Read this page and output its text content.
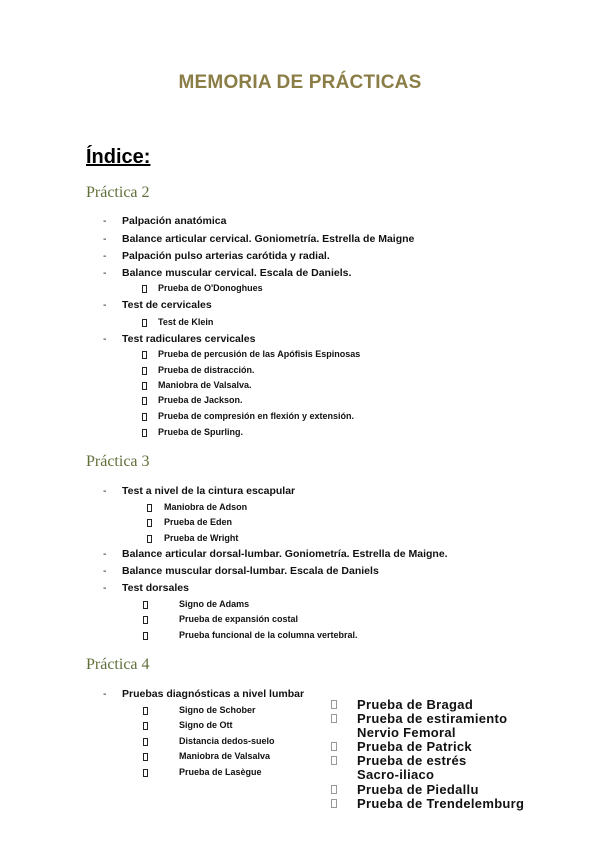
MEMORIA DE PRÁCTICAS
Índice:
Práctica 2
- Palpación anatómica
- Balance articular cervical. Goniometría. Estrella de Maigne
- Palpación pulso arterias carótida y radial.
- Balance muscular cervical. Escala de Daniels.
Prueba de O'Donoghues
- Test de cervicales
Test de Klein
- Test radiculares cervicales
Prueba de percusión de las Apófisis Espinosas
Prueba de distracción.
Maniobra de Valsalva.
Prueba de Jackson.
Prueba de compresión en flexión y extensión.
Prueba de Spurling.
Práctica 3
- Test a nivel de la cintura escapular
Maniobra de Adson
Prueba de Eden
Prueba de Wright
- Balance articular dorsal-lumbar. Goniometría. Estrella de Maigne.
- Balance muscular dorsal-lumbar. Escala de Daniels
- Test dorsales
Signo de Adams
Prueba de expansión costal
Prueba funcional de la columna vertebral.
Práctica 4
- Pruebas diagnósticas a nivel lumbar
Signo de Schober
Signo de Ott
Distancia dedos-suelo
Maniobra de Valsalva
Prueba de Lasègue
Prueba de Bragad
Prueba de estiramiento
Nervio Femoral
Prueba de Patrick
Prueba de estrés
Sacro-iliaco
Prueba de Piedallu
Prueba de Trendelemburg
